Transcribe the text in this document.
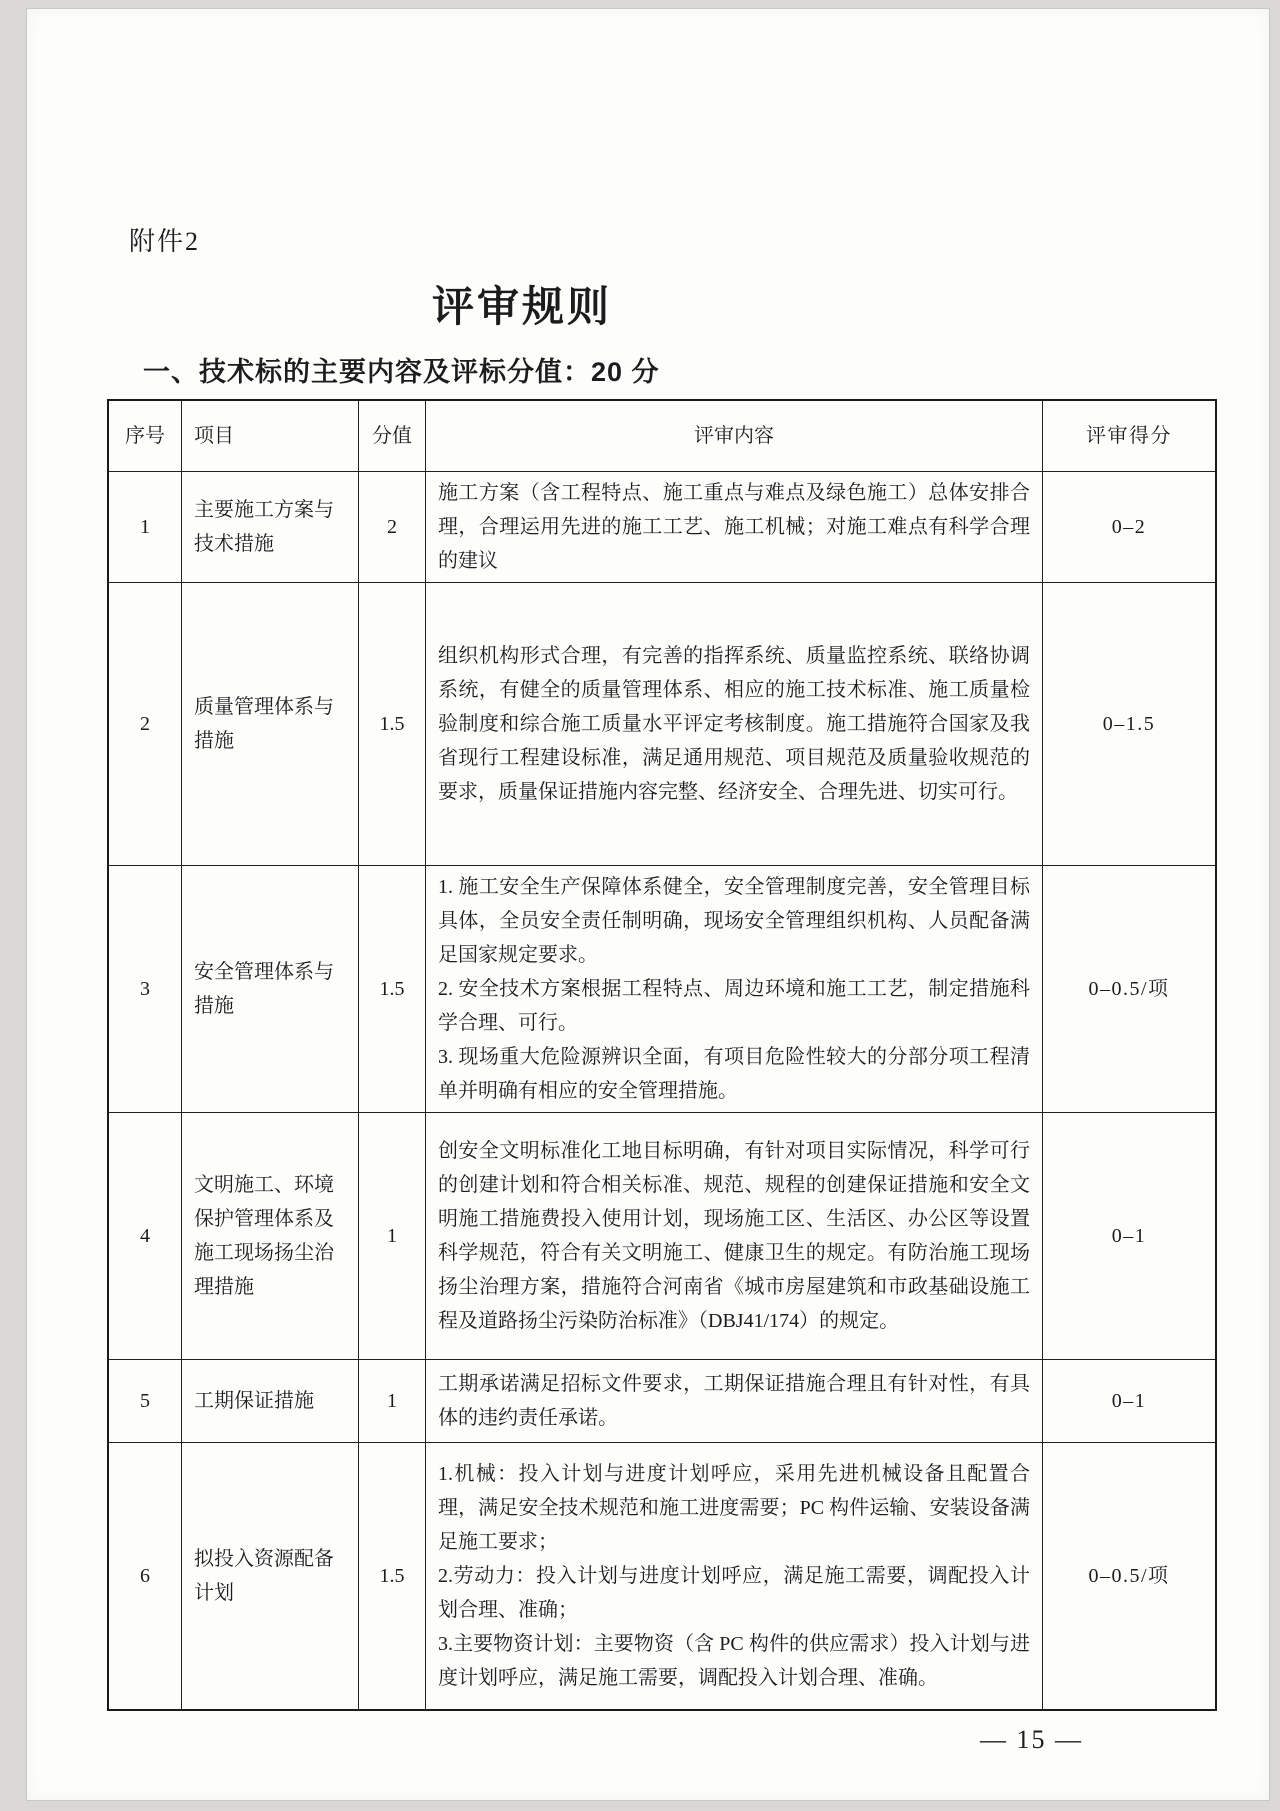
附件2
评审规则
一、技术标的主要内容及评标分值：20 分
序号	项目	分值	评审内容	评审得分
1	主要施工方案与技术措施	2	施工方案（含工程特点、施工重点与难点及绿色施工）总体安排合理，合理运用先进的施工工艺、施工机械；对施工难点有科学合理的建议	0–2
2	质量管理体系与措施	1.5	组织机构形式合理，有完善的指挥系统、质量监控系统、联络协调系统，有健全的质量管理体系、相应的施工技术标准、施工质量检验制度和综合施工质量水平评定考核制度。施工措施符合国家及我省现行工程建设标准，满足通用规范、项目规范及质量验收规范的要求，质量保证措施内容完整、经济安全、合理先进、切实可行。	0–1.5
3	安全管理体系与措施	1.5	1. 施工安全生产保障体系健全，安全管理制度完善，安全管理目标具体，全员安全责任制明确，现场安全管理组织机构、人员配备满足国家规定要求。

2. 安全技术方案根据工程特点、周边环境和施工工艺，制定措施科学合理、可行。

3. 现场重大危险源辨识全面，有项目危险性较大的分部分项工程清单并明确有相应的安全管理措施。	0–0.5/项
4	文明施工、环境保护管理体系及施工现场扬尘治理措施	1	创安全文明标准化工地目标明确，有针对项目实际情况，科学可行的创建计划和符合相关标准、规范、规程的创建保证措施和安全文明施工措施费投入使用计划，现场施工区、生活区、办公区等设置科学规范，符合有关文明施工、健康卫生的规定。有防治施工现场扬尘治理方案，措施符合河南省《城市房屋建筑和市政基础设施工程及道路扬尘污染防治标准》（DBJ41/174）的规定。	0–1
5	工期保证措施	1	工期承诺满足招标文件要求，工期保证措施合理且有针对性，有具体的违约责任承诺。	0–1
6	拟投入资源配备计划	1.5	1.机械：投入计划与进度计划呼应，采用先进机械设备且配置合理，满足安全技术规范和施工进度需要；PC 构件运输、安装设备满足施工要求；

2.劳动力：投入计划与进度计划呼应，满足施工需要，调配投入计划合理、准确；

3.主要物资计划：主要物资（含 PC 构件的供应需求）投入计划与进度计划呼应，满足施工需要，调配投入计划合理、准确。	0–0.5/项
— 15 —
